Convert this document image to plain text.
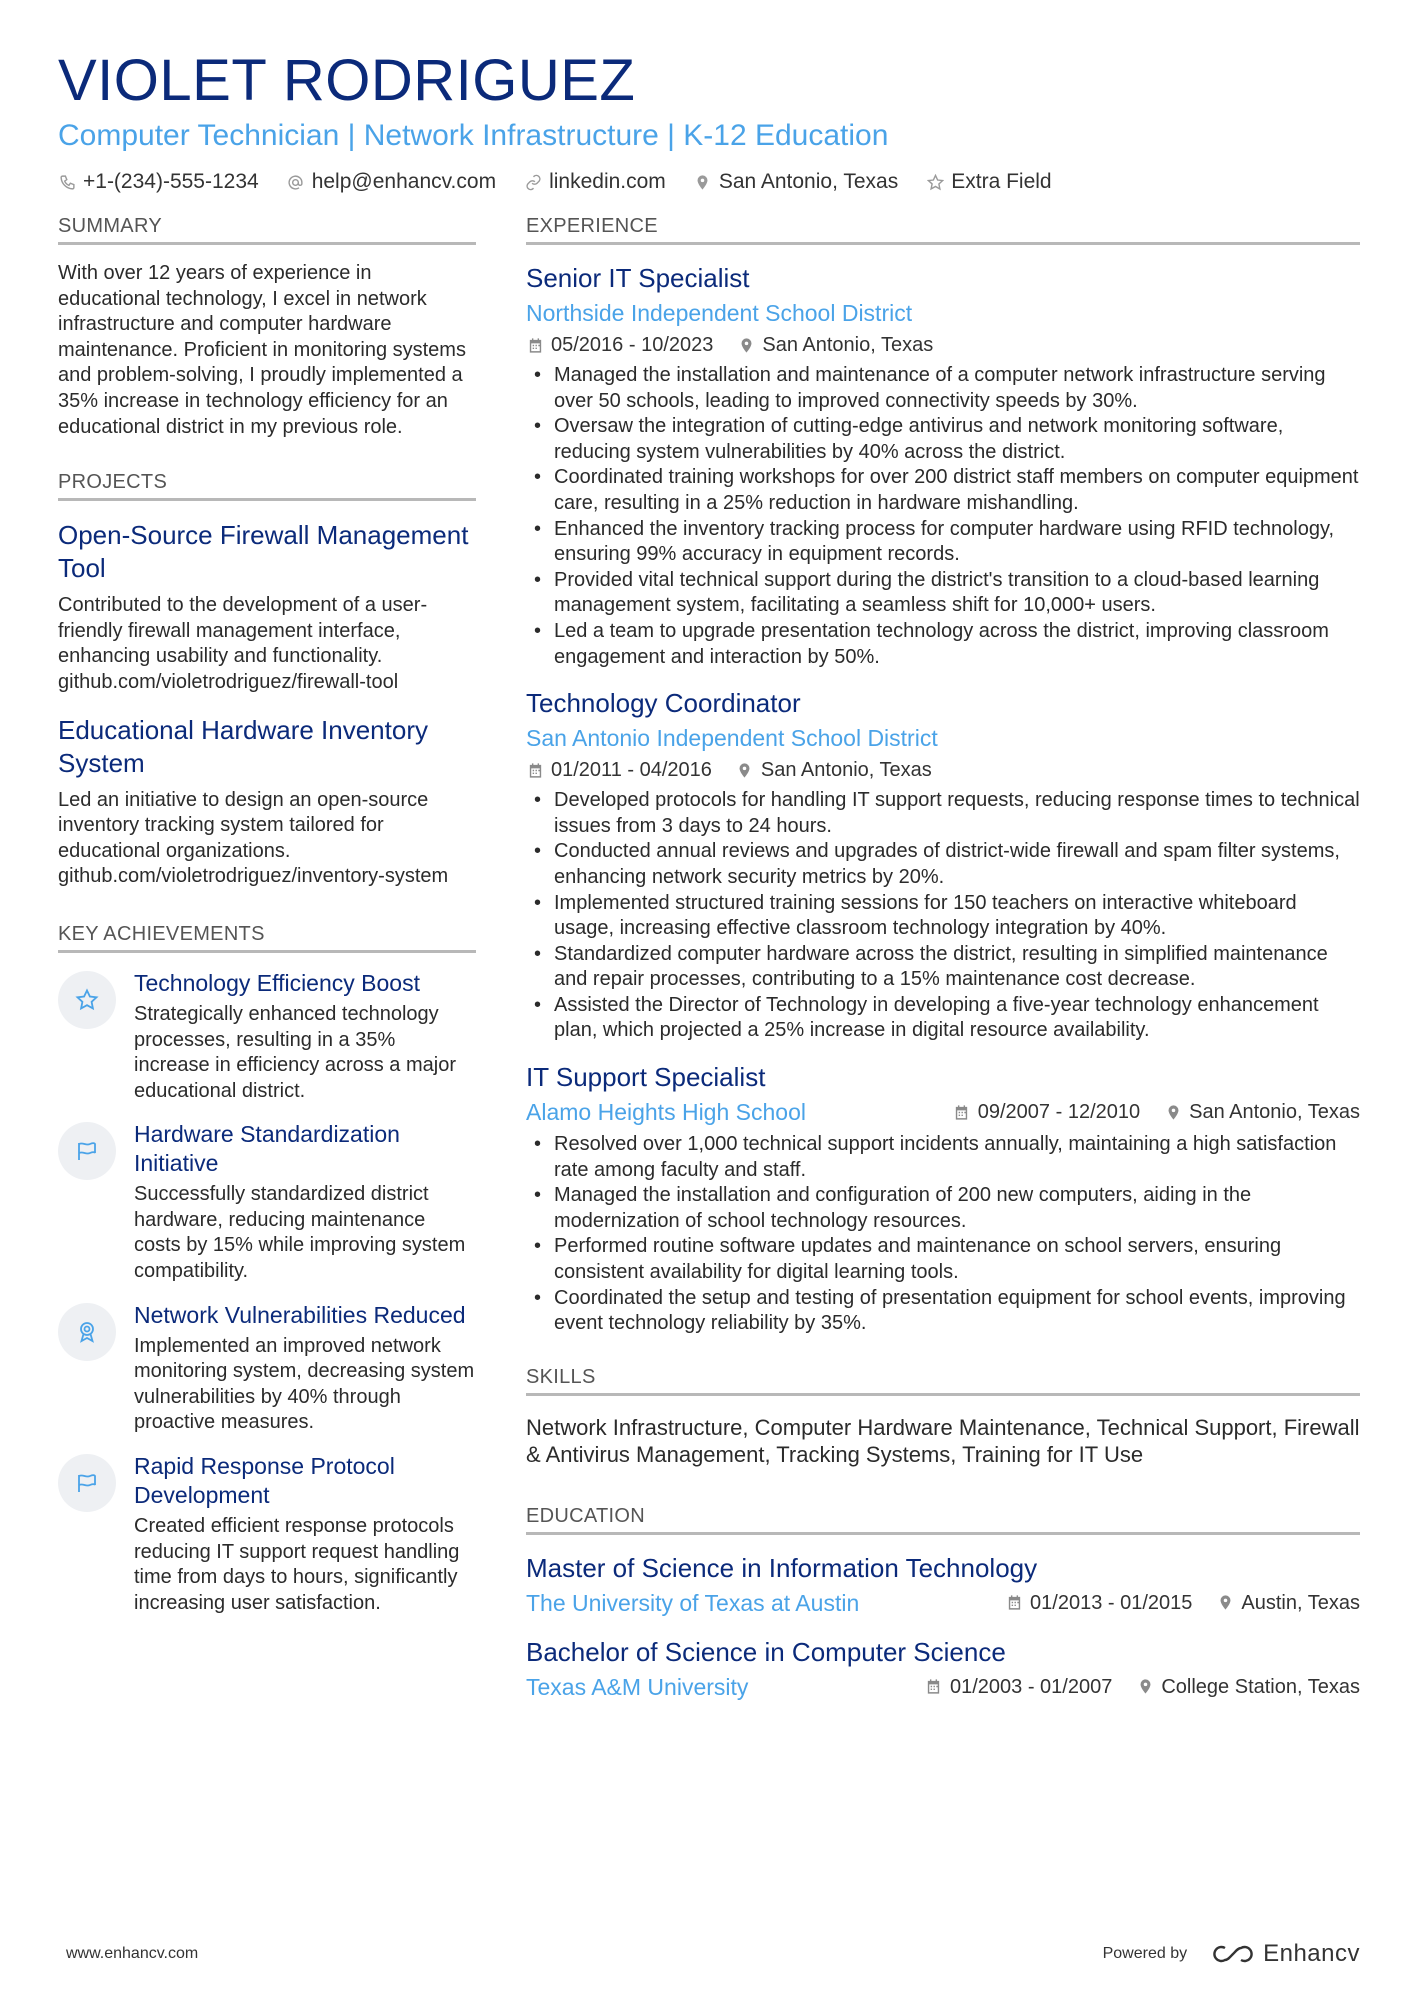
VIOLET RODRIGUEZ
Computer Technician | Network Infrastructure | K-12 Education
+1-(234)-555-1234	help@enhancv.com	linkedin.com	San Antonio, Texas	Extra Field
SUMMARY
With over 12 years of experience in educational technology, I excel in network infrastructure and computer hardware maintenance. Proficient in monitoring systems and problem-solving, I proudly implemented a 35% increase in technology efficiency for an educational district in my previous role.
PROJECTS
Open-Source Firewall Management Tool
Contributed to the development of a user-friendly firewall management interface, enhancing usability and functionality.
github.com/violetrodriguez/firewall-tool
Educational Hardware Inventory System
Led an initiative to design an open-source inventory tracking system tailored for educational organizations.
github.com/violetrodriguez/inventory-system
KEY ACHIEVEMENTS
Technology Efficiency Boost
Strategically enhanced technology processes, resulting in a 35% increase in efficiency across a major educational district.
Hardware Standardization Initiative
Successfully standardized district hardware, reducing maintenance costs by 15% while improving system compatibility.
Network Vulnerabilities Reduced
Implemented an improved network monitoring system, decreasing system vulnerabilities by 40% through proactive measures.
Rapid Response Protocol Development
Created efficient response protocols reducing IT support request handling time from days to hours, significantly increasing user satisfaction.
EXPERIENCE
Senior IT Specialist
Northside Independent School District
05/2016 - 10/2023 San Antonio, Texas
• Managed the installation and maintenance of a computer network infrastructure serving over 50 schools, leading to improved connectivity speeds by 30%.
• Oversaw the integration of cutting-edge antivirus and network monitoring software, reducing system vulnerabilities by 40% across the district.
• Coordinated training workshops for over 200 district staff members on computer equipment care, resulting in a 25% reduction in hardware mishandling.
• Enhanced the inventory tracking process for computer hardware using RFID technology, ensuring 99% accuracy in equipment records.
• Provided vital technical support during the district's transition to a cloud-based learning management system, facilitating a seamless shift for 10,000+ users.
• Led a team to upgrade presentation technology across the district, improving classroom engagement and interaction by 50%.
Technology Coordinator
San Antonio Independent School District
01/2011 - 04/2016 San Antonio, Texas
• Developed protocols for handling IT support requests, reducing response times to technical issues from 3 days to 24 hours.
• Conducted annual reviews and upgrades of district-wide firewall and spam filter systems, enhancing network security metrics by 20%.
• Implemented structured training sessions for 150 teachers on interactive whiteboard usage, increasing effective classroom technology integration by 40%.
• Standardized computer hardware across the district, resulting in simplified maintenance and repair processes, contributing to a 15% maintenance cost decrease.
• Assisted the Director of Technology in developing a five-year technology enhancement plan, which projected a 25% increase in digital resource availability.
IT Support Specialist
Alamo Heights High School	09/2007 - 12/2010 San Antonio, Texas
• Resolved over 1,000 technical support incidents annually, maintaining a high satisfaction rate among faculty and staff.
• Managed the installation and configuration of 200 new computers, aiding in the modernization of school technology resources.
• Performed routine software updates and maintenance on school servers, ensuring consistent availability for digital learning tools.
• Coordinated the setup and testing of presentation equipment for school events, improving event technology reliability by 35%.
SKILLS
Network Infrastructure, Computer Hardware Maintenance, Technical Support, Firewall & Antivirus Management, Tracking Systems, Training for IT Use
EDUCATION
Master of Science in Information Technology
The University of Texas at Austin	01/2013 - 01/2015 Austin, Texas
Bachelor of Science in Computer Science
Texas A&M University	01/2003 - 01/2007 College Station, Texas
www.enhancv.com	Powered by	Enhancv
